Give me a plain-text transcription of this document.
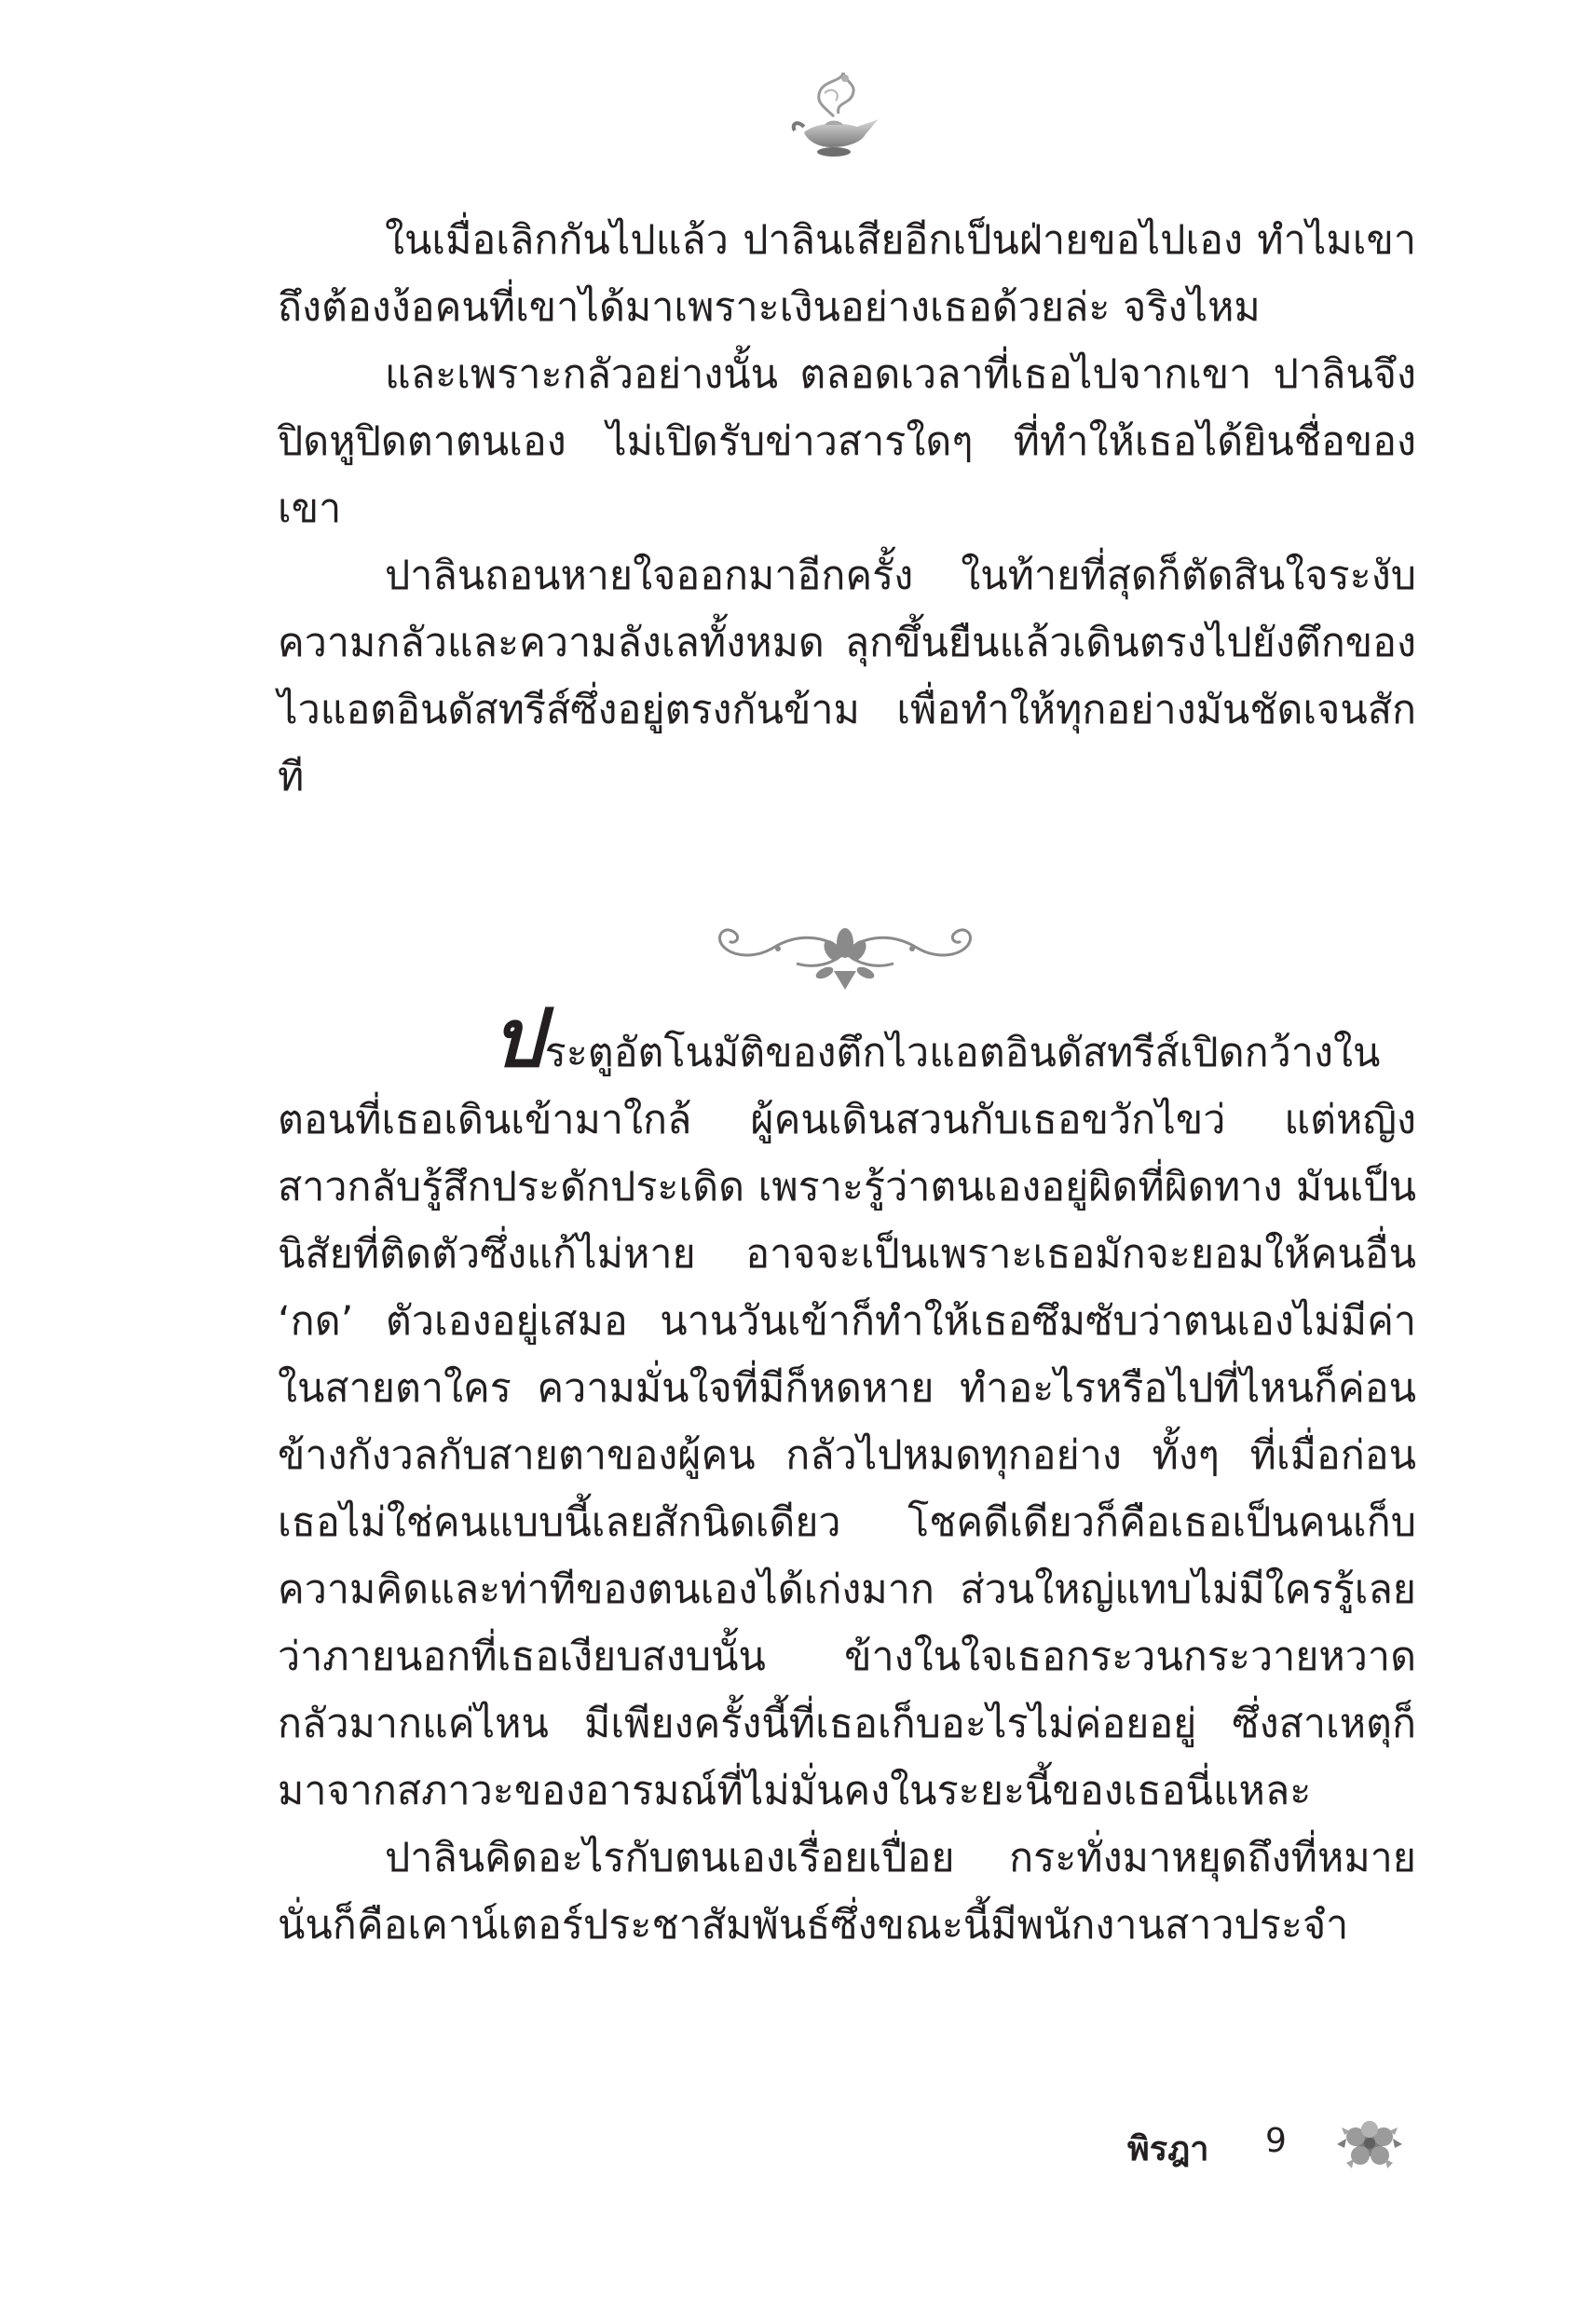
ในเมื่อเลิกกันไปแล้ว ปาลินเสียอีกเป็นฝ่ายขอไปเอง ทำไมเขาถึงต้องง้อคนที่เขาได้มาเพราะเงินอย่างเธอด้วยล่ะ จริงไหม

และเพราะกลัวอย่างนั้น ตลอดเวลาที่เธอไปจากเขา ปาลินจึงปิดหูปิดตาตนเอง ไม่เปิดรับข่าวสารใดๆ ที่ทำให้เธอได้ยินชื่อของเขา

ปาลินถอนหายใจออกมาอีกครั้ง ในท้ายที่สุดก็ตัดสินใจระงับความกลัวและความลังเลทั้งหมด ลุกขึ้นยืนแล้วเดินตรงไปยังตึกของไวแอตอินดัสทรีส์ซึ่งอยู่ตรงกันข้าม เพื่อทำให้ทุกอย่างมันชัดเจนสักที

ประตูอัตโนมัติของตึกไวแอตอินดัสทรีส์เปิดกว้างในตอนที่เธอเดินเข้ามาใกล้ ผู้คนเดินสวนกับเธอขวักไขว่ แต่หญิงสาวกลับรู้สึกประดักประเดิด เพราะรู้ว่าตนเองอยู่ผิดที่ผิดทาง มันเป็นนิสัยที่ติดตัวซึ่งแก้ไม่หาย อาจจะเป็นเพราะเธอมักจะยอมให้คนอื่น ‘กด’ ตัวเองอยู่เสมอ นานวันเข้าก็ทำให้เธอซึมซับว่าตนเองไม่มีค่าในสายตาใคร ความมั่นใจที่มีก็หดหาย ทำอะไรหรือไปที่ไหนก็ค่อนข้างกังวลกับสายตาของผู้คน กลัวไปหมดทุกอย่าง ทั้งๆ ที่เมื่อก่อนเธอไม่ใช่คนแบบนี้เลยสักนิดเดียว โชคดีเดียวก็คือเธอเป็นคนเก็บความคิดและท่าทีของตนเองได้เก่งมาก ส่วนใหญ่แทบไม่มีใครรู้เลยว่าภายนอกที่เธอเงียบสงบนั้น ข้างในใจเธอกระวนกระวายหวาดกลัวมากแค่ไหน มีเพียงครั้งนี้ที่เธอเก็บอะไรไม่ค่อยอยู่ ซึ่งสาเหตุก็มาจากสภาวะของอารมณ์ที่ไม่มั่นคงในระยะนี้ของเธอนี่แหละ

ปาลินคิดอะไรกับตนเองเรื่อยเปื่อย กระทั่งมาหยุดถึงที่หมายนั่นก็คือเคาน์เตอร์ประชาสัมพันธ์ซึ่งขณะนี้มีพนักงานสาวประจำ

พิรฎา 9
